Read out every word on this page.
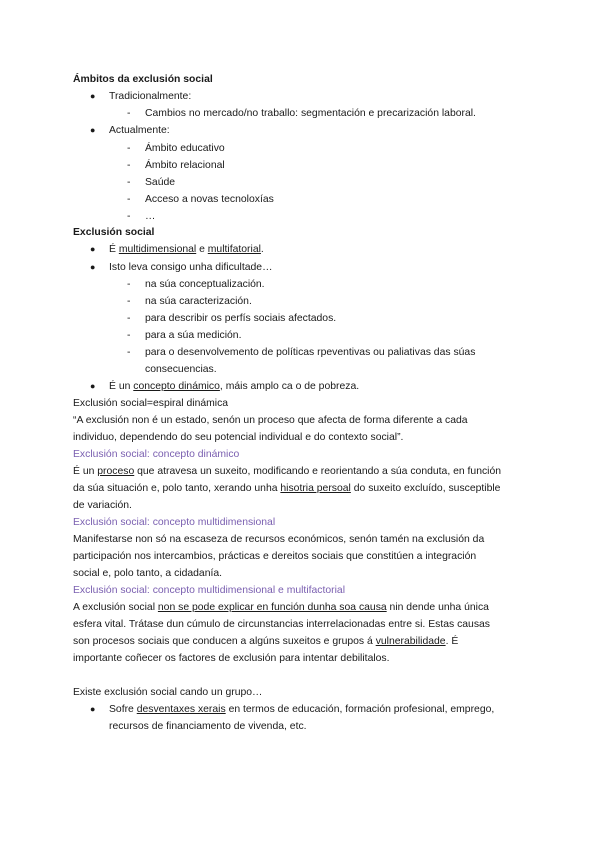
Ámbitos da exclusión social
● Tradicionalmente:
- Cambios no mercado/no traballo: segmentación e precarización laboral.
● Actualmente:
- Ámbito educativo
- Ámbito relacional
- Saúde
- Acceso a novas tecnoloxías
- …
Exclusión social
● É multidimensional e multifatorial.
● Isto leva consigo unha dificultade…
- na súa conceptualización.
- na súa caracterización.
- para describir os perfís sociais afectados.
- para a súa medición.
- para o desenvolvemento de políticas rpeventivas ou paliativas das súas
consecuencias.
● É un concepto dinámico, máis amplo ca o de pobreza.
Exclusión social=espiral dinámica
“A exclusión non é un estado, senón un proceso que afecta de forma diferente a cada
individuo, dependendo do seu potencial individual e do contexto social”.
Exclusión social: concepto dinámico
É un proceso que atravesa un suxeito, modificando e reorientando a súa conduta, en función
da súa situación e, polo tanto, xerando unha hisotria persoal do suxeito excluído, susceptible
de variación.
Exclusión social: concepto multidimensional
Manifestarse non só na escaseza de recursos económicos, senón tamén na exclusión da
participación nos intercambios, prácticas e dereitos sociais que constitúen a integración
social e, polo tanto, a cidadanía.
Exclusión social: concepto multidimensional e multifactorial
A exclusión social non se pode explicar en función dunha soa causa nin dende unha única
esfera vital. Trátase dun cúmulo de circunstancias interrelacionadas entre si. Estas causas
son procesos sociais que conducen a algúns suxeitos e grupos á vulnerabilidade. É
importante coñecer os factores de exclusión para intentar debilitalos.
Existe exclusión social cando un grupo…
● Sofre desventaxes xerais en termos de educación, formación profesional, emprego,
recursos de financiamento de vivenda, etc.
